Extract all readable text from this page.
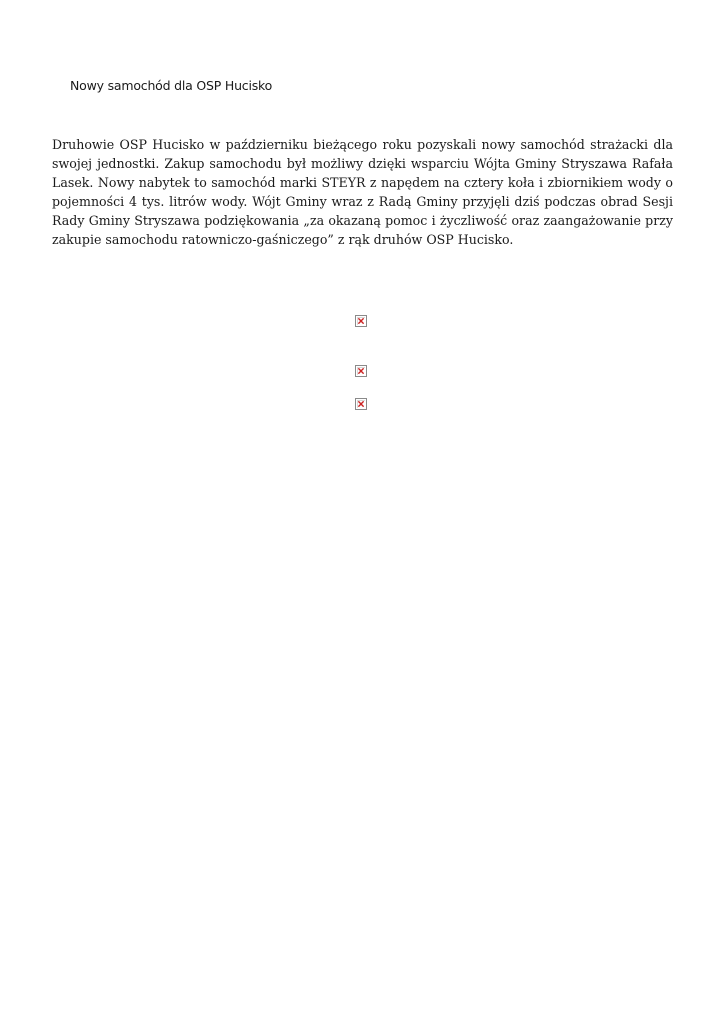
Nowy samochód dla OSP Hucisko

Druhowie OSP Hucisko w październiku bieżącego roku pozyskali nowy samochód strażacki dla swojej jednostki. Zakup samochodu był możliwy dzięki wsparciu Wójta Gminy Stryszawa Rafała Lasek. Nowy nabytek to samochód marki STEYR z napędem na cztery koła i zbiornikiem wody o pojemności 4 tys. litrów wody. Wójt Gminy wraz z Radą Gminy przyjęli dziś podczas obrad Sesji Rady Gminy Stryszawa podziękowania „za okazaną pomoc i życzliwość oraz zaangażowanie przy zakupie samochodu ratowniczo-gaśniczego” z rąk druhów OSP Hucisko.
